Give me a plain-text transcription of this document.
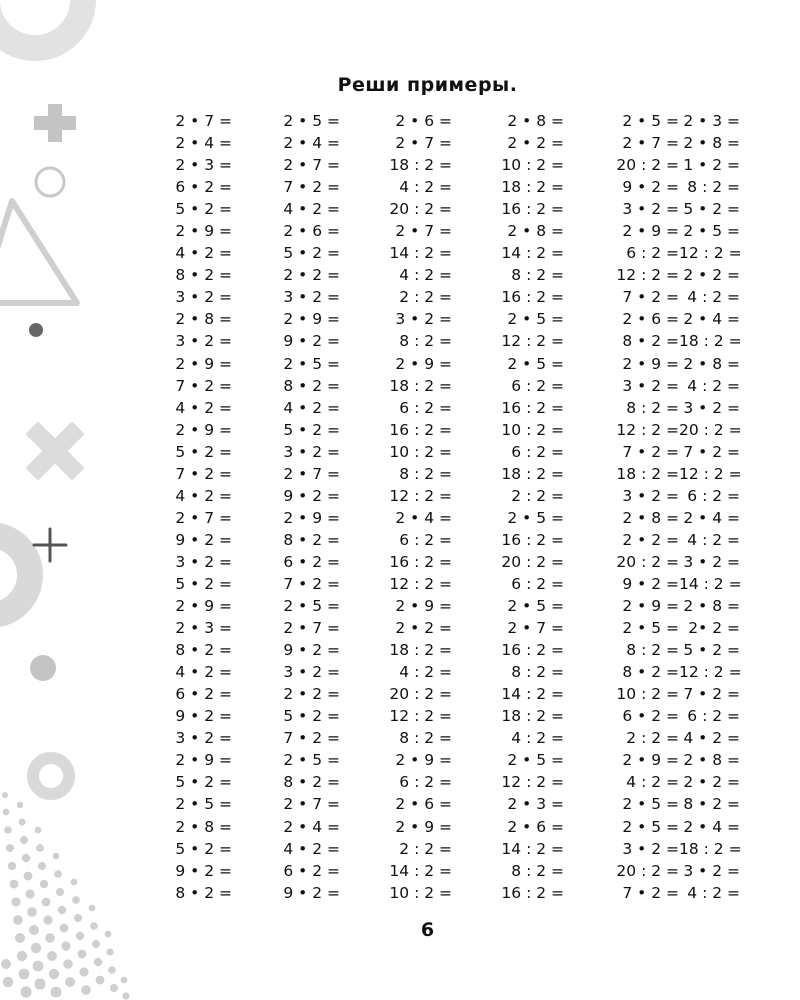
Реши примеры.
2 • 7 =	2 • 5 =	2 • 6 =	2 • 8 =	2 • 5 = 2 • 3 =
2 • 4 =	2 • 4 =	2 • 7 =	2 • 2 =	2 • 7 = 2 • 8 =
2 • 3 =	2 • 7 =	18 : 2 =	10 : 2 =	20 : 2 = 1 • 2 =
6 • 2 =	7 • 2 =	4 : 2 =	18 : 2 =	9 • 2 = 8 : 2 =
5 • 2 =	4 • 2 =	20 : 2 =	16 : 2 =	3 • 2 = 5 • 2 =
2 • 9 =	2 • 6 =	2 • 7 =	2 • 8 =	2 • 9 = 2 • 5 =
4 • 2 =	5 • 2 =	14 : 2 =	14 : 2 =	6 : 2 = 12 : 2 =
8 • 2 =	2 • 2 =	4 : 2 =	8 : 2 =	12 : 2 = 2 • 2 =
3 • 2 =	3 • 2 =	2 : 2 =	16 : 2 =	7 • 2 = 4 : 2 =
2 • 8 =	2 • 9 =	3 • 2 =	2 • 5 =	2 • 6 = 2 • 4 =
3 • 2 =	9 • 2 =	8 : 2 =	12 : 2 =	8 • 2 = 18 : 2 =
2 • 9 =	2 • 5 =	2 • 9 =	2 • 5 =	2 • 9 = 2 • 8 =
7 • 2 =	8 • 2 =	18 : 2 =	6 : 2 =	3 • 2 = 4 : 2 =
4 • 2 =	4 • 2 =	6 : 2 =	16 : 2 =	8 : 2 = 3 • 2 =
2 • 9 =	5 • 2 =	16 : 2 =	10 : 2 =	12 : 2 = 20 : 2 =
5 • 2 =	3 • 2 =	10 : 2 =	6 : 2 =	7 • 2 = 7 • 2 =
7 • 2 =	2 • 7 =	8 : 2 =	18 : 2 =	18 : 2 = 12 : 2 =
4 • 2 =	9 • 2 =	12 : 2 =	2 : 2 =	3 • 2 = 6 : 2 =
2 • 7 =	2 • 9 =	2 • 4 =	2 • 5 =	2 • 8 = 2 • 4 =
9 • 2 =	8 • 2 =	6 : 2 =	16 : 2 =	2 • 2 = 4 : 2 =
3 • 2 =	6 • 2 =	16 : 2 =	20 : 2 =	20 : 2 = 3 • 2 =
5 • 2 =	7 • 2 =	12 : 2 =	6 : 2 =	9 • 2 = 14 : 2 =
2 • 9 =	2 • 5 =	2 • 9 =	2 • 5 =	2 • 9 = 2 • 8 =
2 • 3 =	2 • 7 =	2 • 2 =	2 • 7 =	2 • 5 = 2• 2 =
8 • 2 =	9 • 2 =	18 : 2 =	16 : 2 =	8 : 2 = 5 • 2 =
4 • 2 =	3 • 2 =	4 : 2 =	8 : 2 =	8 • 2 = 12 : 2 =
6 • 2 =	2 • 2 =	20 : 2 =	14 : 2 =	10 : 2 = 7 • 2 =
9 • 2 =	5 • 2 =	12 : 2 =	18 : 2 =	6 • 2 = 6 : 2 =
3 • 2 =	7 • 2 =	8 : 2 =	4 : 2 =	2 : 2 = 4 • 2 =
2 • 9 =	2 • 5 =	2 • 9 =	2 • 5 =	2 • 9 = 2 • 8 =
5 • 2 =	8 • 2 =	6 : 2 =	12 : 2 =	4 : 2 = 2 • 2 =
2 • 5 =	2 • 7 =	2 • 6 =	2 • 3 =	2 • 5 = 8 • 2 =
2 • 8 =	2 • 4 =	2 • 9 =	2 • 6 =	2 • 5 = 2 • 4 =
5 • 2 =	4 • 2 =	2 : 2 =	14 : 2 =	3 • 2 = 18 : 2 =
9 • 2 =	6 • 2 =	14 : 2 =	8 : 2 =	20 : 2 = 3 • 2 =
8 • 2 =	9 • 2 =	10 : 2 =	16 : 2 =	7 • 2 = 4 : 2 =
6
